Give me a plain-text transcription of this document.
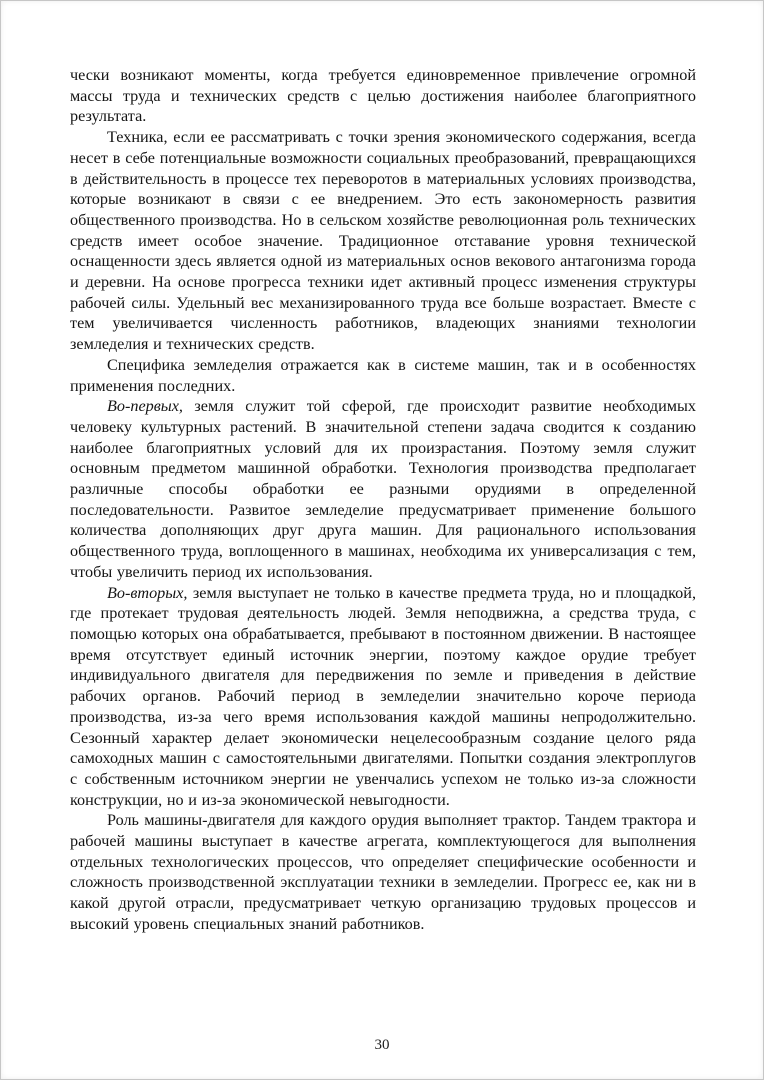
чески возникают моменты, когда требуется единовременное привлечение огромной массы труда и технических средств с целью достижения наиболее благоприятного результата.

Техника, если ее рассматривать с точки зрения экономического содержания, всегда несет в себе потенциальные возможности социальных преобразований, превращающихся в действительность в процессе тех переворотов в материальных условиях производства, которые возникают в связи с ее внедрением. Это есть закономерность развития общественного производства. Но в сельском хозяйстве революционная роль технических средств имеет особое значение. Традиционное отставание уровня технической оснащенности здесь является одной из материальных основ векового антагонизма города и деревни. На основе прогресса техники идет активный процесс изменения структуры рабочей силы. Удельный вес механизированного труда все больше возрастает. Вместе с тем увеличивается численность работников, владеющих знаниями технологии земледелия и технических средств.

Специфика земледелия отражается как в системе машин, так и в особенностях применения последних.

Во-первых, земля служит той сферой, где происходит развитие необходимых человеку культурных растений. В значительной степени задача сводится к созданию наиболее благоприятных условий для их произрастания. Поэтому земля служит основным предметом машинной обработки. Технология производства предполагает различные способы обработки ее разными орудиями в определенной последовательности. Развитое земледелие предусматривает применение большого количества дополняющих друг друга машин. Для рационального использования общественного труда, воплощенного в машинах, необходима их универсализация с тем, чтобы увеличить период их использования.

Во-вторых, земля выступает не только в качестве предмета труда, но и площадкой, где протекает трудовая деятельность людей. Земля неподвижна, а средства труда, с помощью которых она обрабатывается, пребывают в постоянном движении. В настоящее время отсутствует единый источник энергии, поэтому каждое орудие требует индивидуального двигателя для передвижения по земле и приведения в действие рабочих органов. Рабочий период в земледелии значительно короче периода производства, из-за чего время использования каждой машины непродолжительно. Сезонный характер делает экономически нецелесообразным создание целого ряда самоходных машин с самостоятельными двигателями. Попытки создания электроплугов с собственным источником энергии не увенчались успехом не только из-за сложности конструкции, но и из-за экономической невыгодности.

Роль машины-двигателя для каждого орудия выполняет трактор. Тандем трактора и рабочей машины выступает в качестве агрегата, комплектующегося для выполнения отдельных технологических процессов, что определяет специфические особенности и сложность производственной эксплуатации техники в земледелии. Прогресс ее, как ни в какой другой отрасли, предусматривает четкую организацию трудовых процессов и высокий уровень специальных знаний работников.

30
